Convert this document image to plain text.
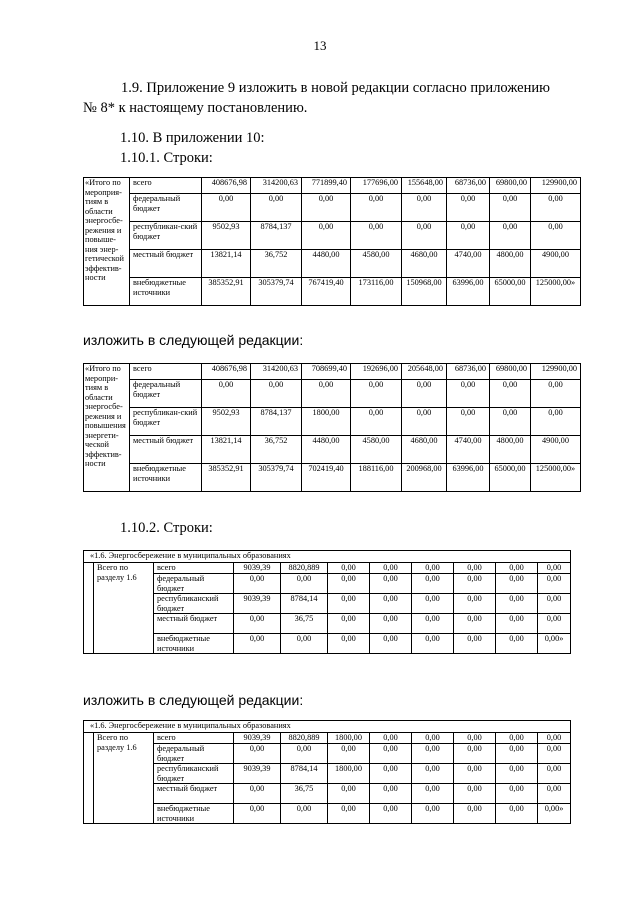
13
1.9. Приложение 9 изложить в новой редакции согласно приложению
№ 8* к настоящему постановлению.
1.10. В приложении 10:
1.10.1. Строки:
«Итого по мероприя-тиям в области энергосбе-режения и повыше-ния энер-гетической эффектив-ности	всего	408676,98	314200,63	771899,40	177696,00	155648,00	68736,00	69800,00	129900,00
	федеральный бюджет	0,00	0,00	0,00	0,00	0,00	0,00	0,00	0,00
	республикан-ский бюджет	9502,93	8784,137	0,00	0,00	0,00	0,00	0,00	0,00
	местный бюджет	13821,14	36,752	4480,00	4580,00	4680,00	4740,00	4800,00	4900,00
	внебюджетные источники	385352,91	305379,74	767419,40	173116,00	150968,00	63996,00	65000,00	125000,00»
изложить в следующей редакции:
«Итого по меропри-тиям в области энергосбе-режения и повышения энергети-ческой эффектив-ности	всего	408676,98	314200,63	708699,40	192696,00	205648,00	68736,00	69800,00	129900,00
	федеральный бюджет	0,00	0,00	0,00	0,00	0,00	0,00	0,00	0,00
	республикан-ский бюджет	9502,93	8784,137	1800,00	0,00	0,00	0,00	0,00	0,00
	местный бюджет	13821,14	36,752	4480,00	4580,00	4680,00	4740,00	4800,00	4900,00
	внебюджетные источники	385352,91	305379,74	702419,40	188116,00	200968,00	63996,00	65000,00	125000,00»
1.10.2. Строки:
«1.6. Энергосбережение в муниципальных образованиях										
	Всего по разделу 1.6	всего	9039,39	8820,889	0,00	0,00	0,00	0,00	0,00	0,00
		федеральный бюджет	0,00	0,00	0,00	0,00	0,00	0,00	0,00	0,00
		республиканский бюджет	9039,39	8784,14	0,00	0,00	0,00	0,00	0,00	0,00
		местный бюджет	0,00	36,75	0,00	0,00	0,00	0,00	0,00	0,00
		внебюджетные источники	0,00	0,00	0,00	0,00	0,00	0,00	0,00	0,00»
изложить в следующей редакции:
«1.6. Энергосбережение в муниципальных образованиях										
	Всего по разделу 1.6	всего	9039,39	8820,889	1800,00	0,00	0,00	0,00	0,00	0,00
		федеральный бюджет	0,00	0,00	0,00	0,00	0,00	0,00	0,00	0,00
		республиканский бюджет	9039,39	8784,14	1800,00	0,00	0,00	0,00	0,00	0,00
		местный бюджет	0,00	36,75	0,00	0,00	0,00	0,00	0,00	0,00
		внебюджетные источники	0,00	0,00	0,00	0,00	0,00	0,00	0,00	0,00»
